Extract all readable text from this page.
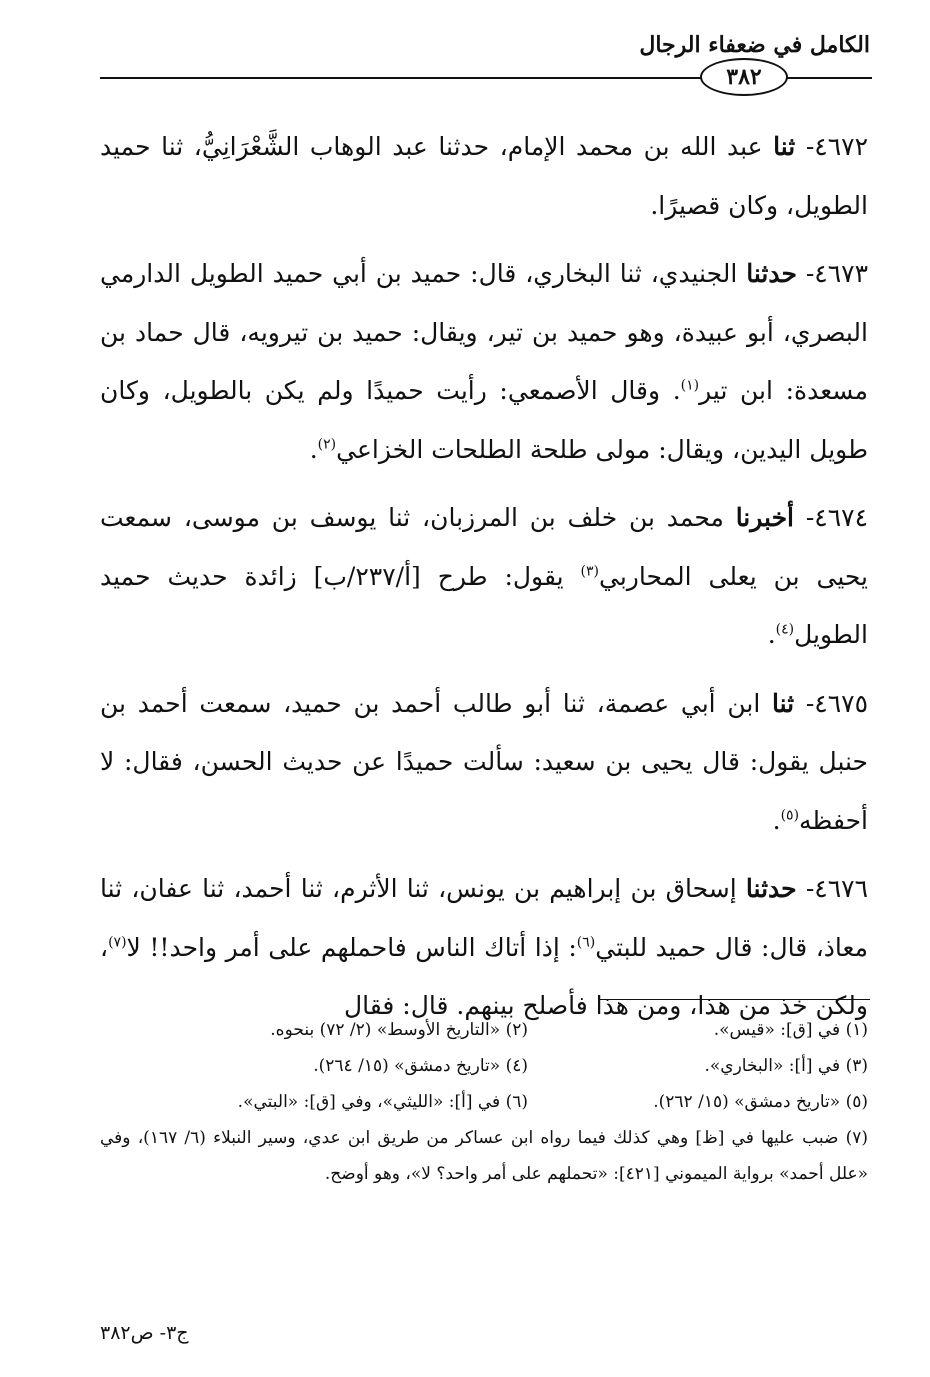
الكامل في ضعفاء الرجال
٣٨٢

٤٦٧٢- ثنا عبد الله بن محمد الإمام، حدثنا عبد الوهاب الشَّعْرَانِيُّ، ثنا حميد الطويل، وكان قصيرًا.

٤٦٧٣- حدثنا الجنيدي، ثنا البخاري، قال: حميد بن أبي حميد الطويل الدارمي البصري، أبو عبيدة، وهو حميد بن تير، ويقال: حميد بن تيرويه، قال حماد بن مسعدة: ابن تير$^{(١)}$. وقال الأصمعي: رأيت حميدًا ولم يكن بالطويل، وكان طويل اليدين، ويقال: مولى طلحة الطلحات الخزاعي$^{(٢)}$.

٤٦٧٤- أخبرنا محمد بن خلف بن المرزبان، ثنا يوسف بن موسى، سمعت يحيى بن يعلى المحاربي$^{(٣)}$ يقول: طرح [أ/٢٣٧/ب] زائدة حديث حميد الطويل$^{(٤)}$.

٤٦٧٥- ثنا ابن أبي عصمة، ثنا أبو طالب أحمد بن حميد، سمعت أحمد بن حنبل يقول: قال يحيى بن سعيد: سألت حميدًا عن حديث الحسن، فقال: لا أحفظه$^{(٥)}$.

٤٦٧٦- حدثنا إسحاق بن إبراهيم بن يونس، ثنا الأثرم، ثنا أحمد، ثنا عفان، ثنا معاذ، قال: قال حميد للبتي$^{(٦)}$: إذا أتاك الناس فاحملهم على أمر واحد!! لا$^{(٧)}$، ولكن خذ من هذا، ومن هذا فأصلح بينهم. قال: فقال

(١) في [ق]: «قيس».
(٢) «التاريخ الأوسط» (٢/ ٧٢) بنحوه.
(٣) في [أ]: «البخاري».
(٤) «تاريخ دمشق» (١٥/ ٢٦٤).
(٥) «تاريخ دمشق» (١٥/ ٢٦٢).
(٦) في [أ]: «الليثي»، وفي [ق]: «البتي».
(٧) ضبب عليها في [ظ] وهي كذلك فيما رواه ابن عساكر من طريق ابن عدي، وسير النبلاء (٦/ ١٦٧)، وفي «علل أحمد» برواية الميموني [٤٢١]: «تحملهم على أمر واحد؟ لا»، وهو أوضح.
ج٣- ص٣٨٢
